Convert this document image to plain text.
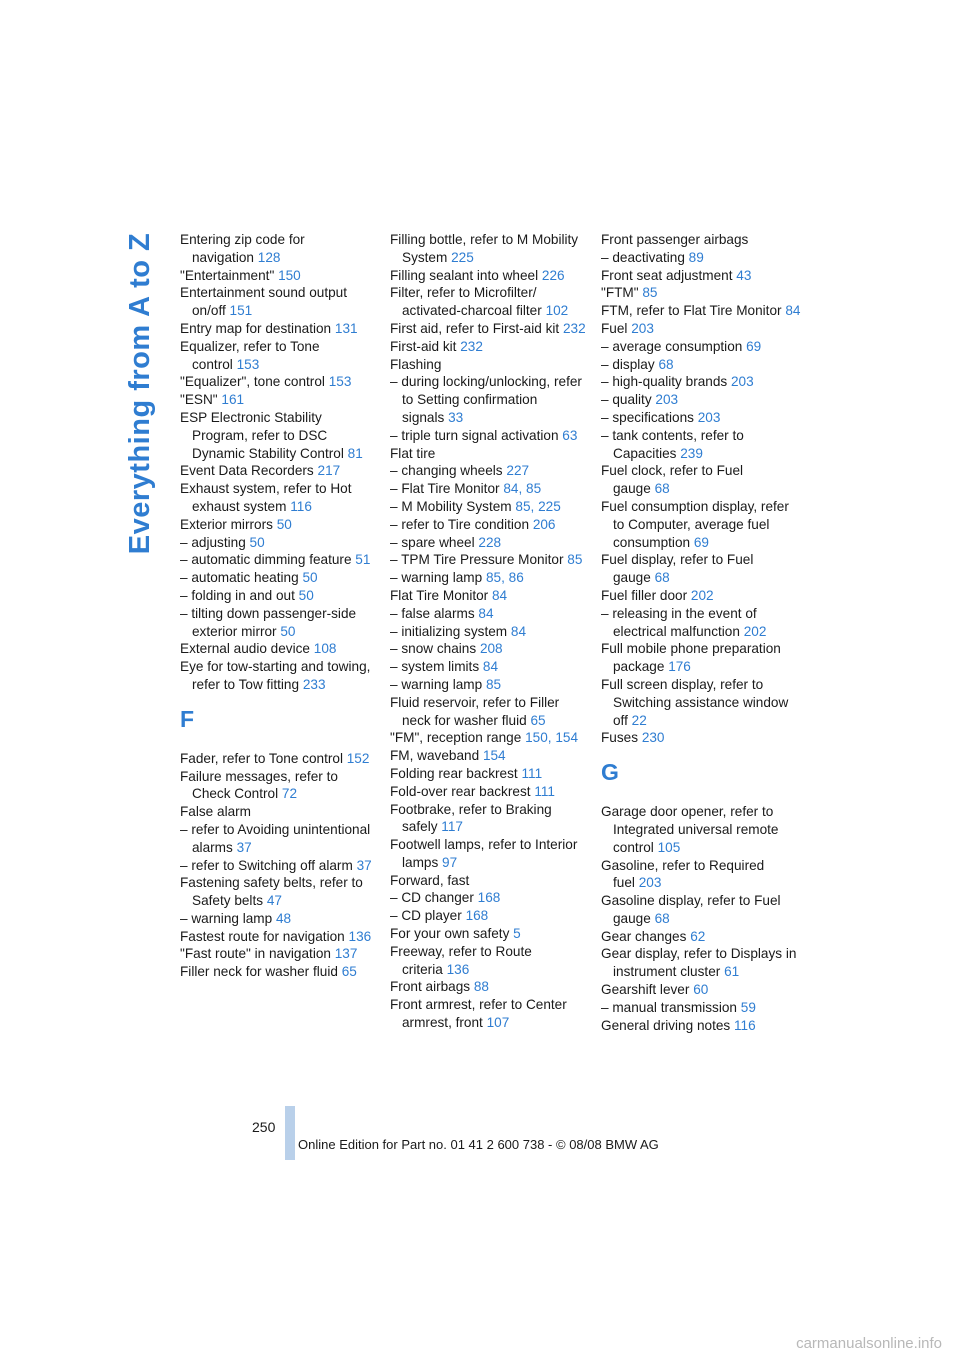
Everything from A to Z Entering zip code for navigation 128
"Entertainment" 150
Entertainment sound output on/off 151
Entry map for destination 131
Equalizer, refer to Tone control 153
"Equalizer", tone control 153
"ESN" 161
ESP Electronic Stability Program, refer to DSC Dynamic Stability Control 81
Event Data Recorders 217
Exhaust system, refer to Hot exhaust system 116
Exterior mirrors 50
– adjusting 50
– automatic dimming feature 51
– automatic heating 50
– folding in and out 50
– tilting down passenger-side exterior mirror 50
External audio device 108
Eye for tow-starting and towing, refer to Tow fitting 233
F
Fader, refer to Tone control 152
Failure messages, refer to Check Control 72
False alarm
– refer to Avoiding unintentional alarms 37
– refer to Switching off alarm 37
Fastening safety belts, refer to Safety belts 47
– warning lamp 48
Fastest route for navigation 136
"Fast route" in navigation 137
Filler neck for washer fluid 65
Filling bottle, refer to M Mobility System 225
Filling sealant into wheel 226
Filter, refer to Microfilter/ activated-charcoal filter 102
First aid, refer to First-aid kit 232
First-aid kit 232
Flashing
– during locking/unlocking, refer to Setting confirmation signals 33
– triple turn signal activation 63
Flat tire
– changing wheels 227
– Flat Tire Monitor 84, 85
– M Mobility System 85, 225
– refer to Tire condition 206
– spare wheel 228
– TPM Tire Pressure Monitor 85
– warning lamp 85, 86
Flat Tire Monitor 84
– false alarms 84
– initializing system 84
– snow chains 208
– system limits 84
– warning lamp 85
Fluid reservoir, refer to Filler neck for washer fluid 65
"FM", reception range 150, 154
FM, waveband 154
Folding rear backrest 111
Fold-over rear backrest 111
Footbrake, refer to Braking safely 117
Footwell lamps, refer to Interior lamps 97
Forward, fast
– CD changer 168
– CD player 168
For your own safety 5
Freeway, refer to Route criteria 136
Front airbags 88
Front armrest, refer to Center armrest, front 107
Front passenger airbags
– deactivating 89
Front seat adjustment 43
"FTM" 85
FTM, refer to Flat Tire Monitor 84
Fuel 203
– average consumption 69
– display 68
– high-quality brands 203
– quality 203
– specifications 203
– tank contents, refer to Capacities 239
Fuel clock, refer to Fuel gauge 68
Fuel consumption display, refer to Computer, average fuel consumption 69
Fuel display, refer to Fuel gauge 68
Fuel filler door 202
– releasing in the event of electrical malfunction 202
Full mobile phone preparation package 176
Full screen display, refer to Switching assistance window off 22
Fuses 230
G
Garage door opener, refer to Integrated universal remote control 105
Gasoline, refer to Required fuel 203
Gasoline display, refer to Fuel gauge 68
Gear changes 62
Gear display, refer to Displays in instrument cluster 61
Gearshift lever 60
– manual transmission 59
General driving notes 116
250
Online Edition for Part no. 01 41 2 600 738 - © 08/08 BMW AG
carmanualsonline.info
